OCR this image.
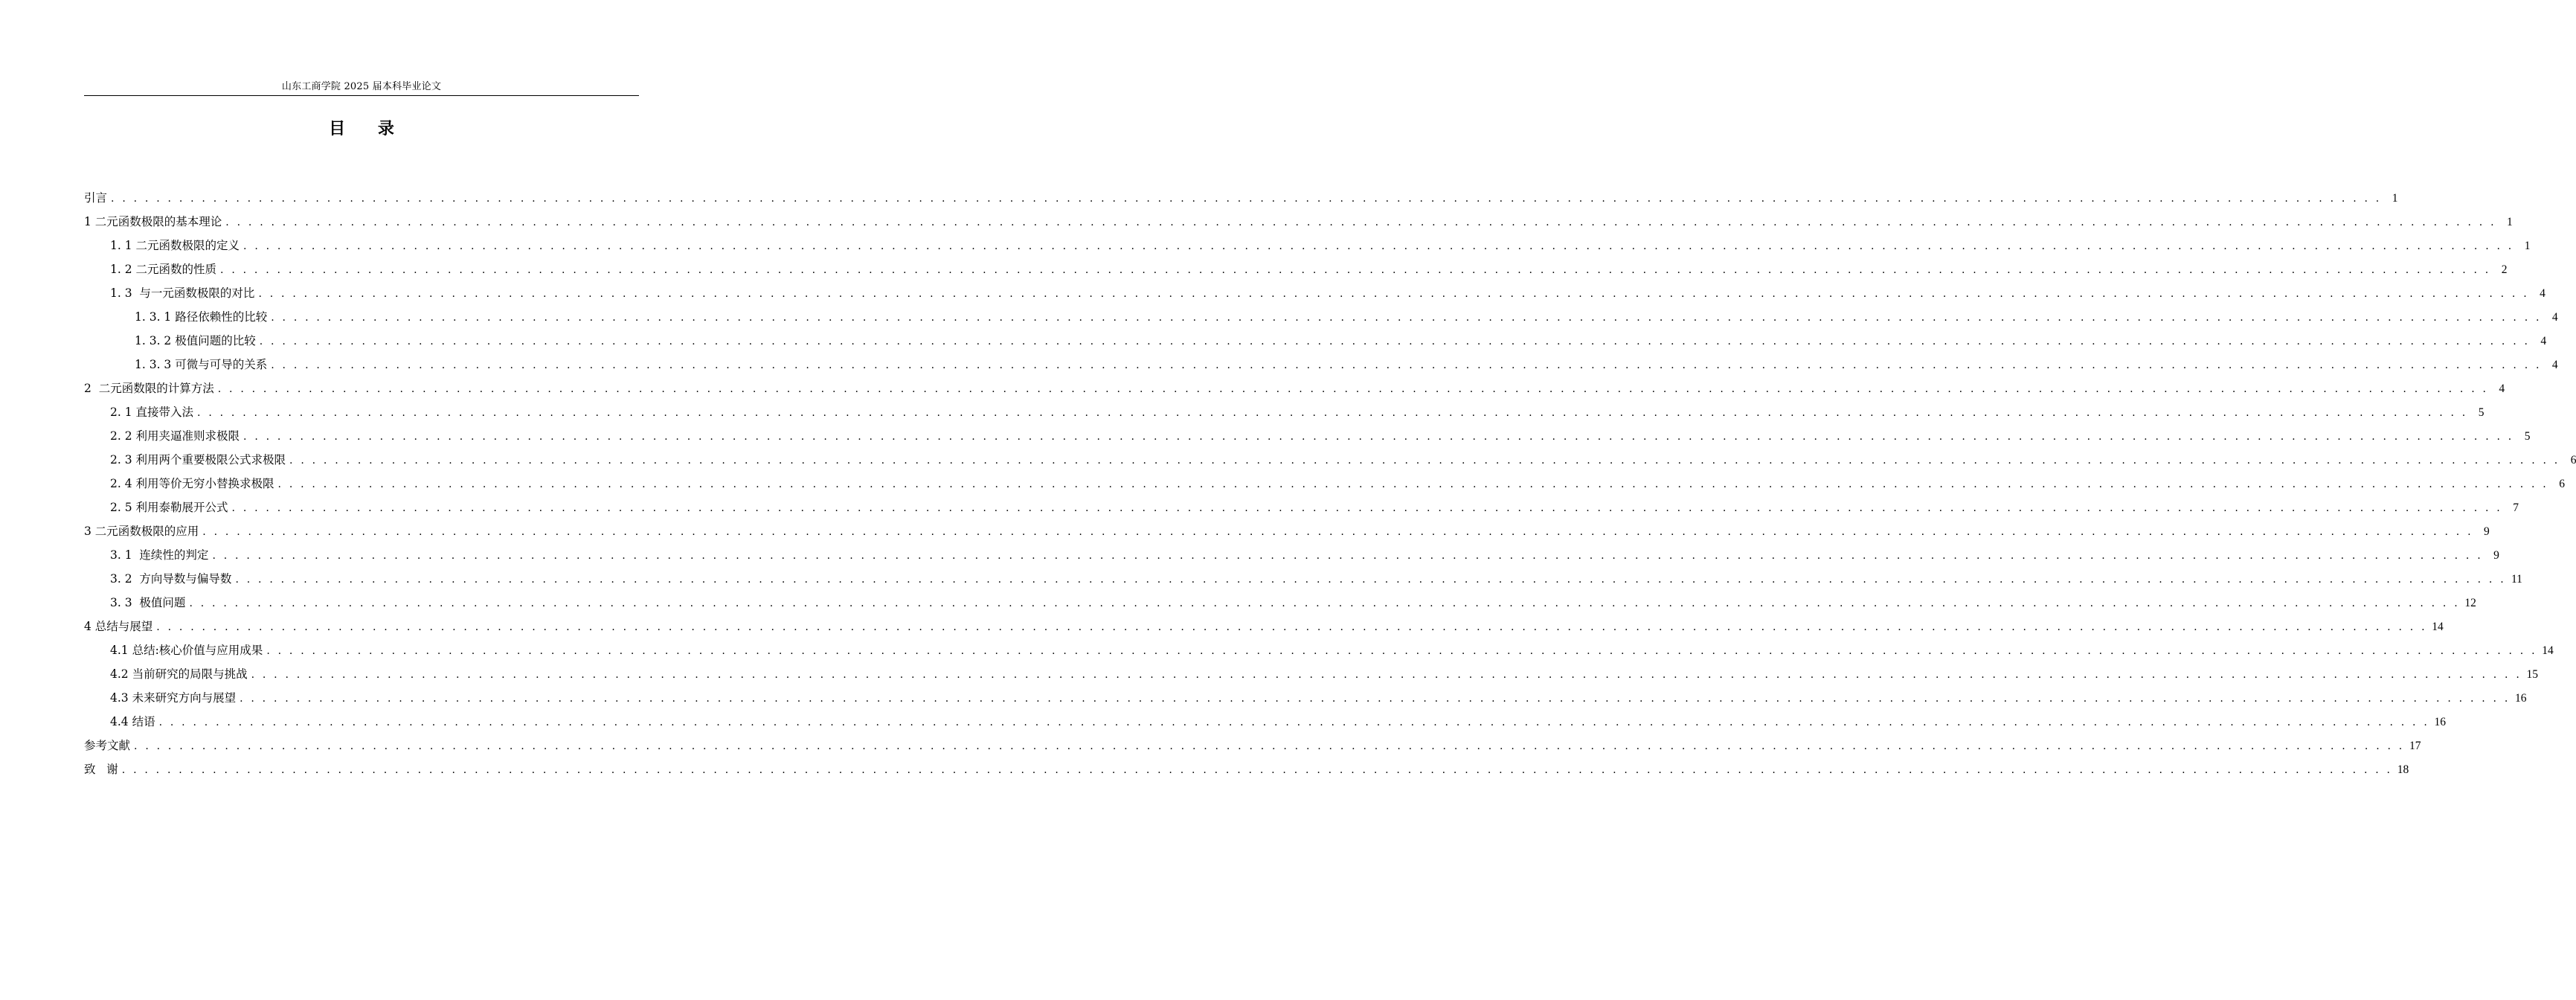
山东工商学院 2025 届本科毕业论文
目 录
引言 . . . . . . . . . . . . . . . . . . . . . . . . . . . . . . . . . . . . . . . . . . . . . . . . . . . . . . . . . . . . . . . . . . . . . . . . . . . . . . . . . . . . . . . . . . . . . . . . . . . . . . . . . . . . . . . . . . . . . . . . . . . . . . . . . . . . . . . . . . . . . . . . . . . . . . . . . . . . . . . . . . . . . . . . . . . . . . . . . . . . . . . . . . . . . . . . . . . . . . . . 1
1 二元函数极限的基本理论 . . . . . . . . . . . . . . . . . . . . . . . . . . . . . . . . . . . . . . . . . . . . . . . . . . . . . . . . . . . . . . . . . . . . . . . . . . . . . . . . . . . . . . . . . . . . . . . . . . . . . . . . . . . . . . . . . . . . . . . . . . . . . . . . . . . . . . . . . . . . . . . . . . . . . . . . . . . . . . . . . . . . . . . . . . . . . . . . . . . . . . . . . . . . . . . . . . . . . . . . 1
1. 1 二元函数极限的定义 . . . . . . . . . . . . . . . . . . . . . . . . . . . . . . . . . . . . . . . . . . . . . . . . . . . . . . . . . . . . . . . . . . . . . . . . . . . . . . . . . . . . . . . . . . . . . . . . . . . . . . . . . . . . . . . . . . . . . . . . . . . . . . . . . . . . . . . . . . . . . . . . . . . . . . . . . . . . . . . . . . . . . . . . . . . . . . . . . . . . . . . . . . . . . . . . . . . . . . . . 1
1. 2 二元函数的性质 . . . . . . . . . . . . . . . . . . . . . . . . . . . . . . . . . . . . . . . . . . . . . . . . . . . . . . . . . . . . . . . . . . . . . . . . . . . . . . . . . . . . . . . . . . . . . . . . . . . . . . . . . . . . . . . . . . . . . . . . . . . . . . . . . . . . . . . . . . . . . . . . . . . . . . . . . . . . . . . . . . . . . . . . . . . . . . . . . . . . . . . . . . . . . . . . . . . . . . . . 2
1. 3  与一元函数极限的对比 . . . . . . . . . . . . . . . . . . . . . . . . . . . . . . . . . . . . . . . . . . . . . . . . . . . . . . . . . . . . . . . . . . . . . . . . . . . . . . . . . . . . . . . . . . . . . . . . . . . . . . . . . . . . . . . . . . . . . . . . . . . . . . . . . . . . . . . . . . . . . . . . . . . . . . . . . . . . . . . . . . . . . . . . . . . . . . . . . . . . . . . . . . . . . . . . . . . . . . . . 4
1. 3. 1 路径依赖性的比较 . . . . . . . . . . . . . . . . . . . . . . . . . . . . . . . . . . . . . . . . . . . . . . . . . . . . . . . . . . . . . . . . . . . . . . . . . . . . . . . . . . . . . . . . . . . . . . . . . . . . . . . . . . . . . . . . . . . . . . . . . . . . . . . . . . . . . . . . . . . . . . . . . . . . . . . . . . . . . . . . . . . . . . . . . . . . . . . . . . . . . . . . . . . . . . . . . . . . . . . . 4
1. 3. 2 极值问题的比较 . . . . . . . . . . . . . . . . . . . . . . . . . . . . . . . . . . . . . . . . . . . . . . . . . . . . . . . . . . . . . . . . . . . . . . . . . . . . . . . . . . . . . . . . . . . . . . . . . . . . . . . . . . . . . . . . . . . . . . . . . . . . . . . . . . . . . . . . . . . . . . . . . . . . . . . . . . . . . . . . . . . . . . . . . . . . . . . . . . . . . . . . . . . . . . . . . . . . . . . . 4
1. 3. 3 可微与可导的关系 . . . . . . . . . . . . . . . . . . . . . . . . . . . . . . . . . . . . . . . . . . . . . . . . . . . . . . . . . . . . . . . . . . . . . . . . . . . . . . . . . . . . . . . . . . . . . . . . . . . . . . . . . . . . . . . . . . . . . . . . . . . . . . . . . . . . . . . . . . . . . . . . . . . . . . . . . . . . . . . . . . . . . . . . . . . . . . . . . . . . . . . . . . . . . . . . . . . . . . . . 4
2  二元函数限的计算方法 . . . . . . . . . . . . . . . . . . . . . . . . . . . . . . . . . . . . . . . . . . . . . . . . . . . . . . . . . . . . . . . . . . . . . . . . . . . . . . . . . . . . . . . . . . . . . . . . . . . . . . . . . . . . . . . . . . . . . . . . . . . . . . . . . . . . . . . . . . . . . . . . . . . . . . . . . . . . . . . . . . . . . . . . . . . . . . . . . . . . . . . . . . . . . . . . . . . . . . . . 4
2. 1 直接带入法 . . . . . . . . . . . . . . . . . . . . . . . . . . . . . . . . . . . . . . . . . . . . . . . . . . . . . . . . . . . . . . . . . . . . . . . . . . . . . . . . . . . . . . . . . . . . . . . . . . . . . . . . . . . . . . . . . . . . . . . . . . . . . . . . . . . . . . . . . . . . . . . . . . . . . . . . . . . . . . . . . . . . . . . . . . . . . . . . . . . . . . . . . . . . . . . . . . . . . . . . 5
2. 2 利用夹逼准则求极限 . . . . . . . . . . . . . . . . . . . . . . . . . . . . . . . . . . . . . . . . . . . . . . . . . . . . . . . . . . . . . . . . . . . . . . . . . . . . . . . . . . . . . . . . . . . . . . . . . . . . . . . . . . . . . . . . . . . . . . . . . . . . . . . . . . . . . . . . . . . . . . . . . . . . . . . . . . . . . . . . . . . . . . . . . . . . . . . . . . . . . . . . . . . . . . . . . . . . . . . . 5
2. 3 利用两个重要极限公式求极限 . . . . . . . . . . . . . . . . . . . . . . . . . . . . . . . . . . . . . . . . . . . . . . . . . . . . . . . . . . . . . . . . . . . . . . . . . . . . . . . . . . . . . . . . . . . . . . . . . . . . . . . . . . . . . . . . . . . . . . . . . . . . . . . . . . . . . . . . . . . . . . . . . . . . . . . . . . . . . . . . . . . . . . . . . . . . . . . . . . . . . . . . . . . . . . . . . . . . . . . . 6
2. 4 利用等价无穷小替换求极限 . . . . . . . . . . . . . . . . . . . . . . . . . . . . . . . . . . . . . . . . . . . . . . . . . . . . . . . . . . . . . . . . . . . . . . . . . . . . . . . . . . . . . . . . . . . . . . . . . . . . . . . . . . . . . . . . . . . . . . . . . . . . . . . . . . . . . . . . . . . . . . . . . . . . . . . . . . . . . . . . . . . . . . . . . . . . . . . . . . . . . . . . . . . . . . . . . . . . . . . . 6
2. 5 利用泰勒展开公式 . . . . . . . . . . . . . . . . . . . . . . . . . . . . . . . . . . . . . . . . . . . . . . . . . . . . . . . . . . . . . . . . . . . . . . . . . . . . . . . . . . . . . . . . . . . . . . . . . . . . . . . . . . . . . . . . . . . . . . . . . . . . . . . . . . . . . . . . . . . . . . . . . . . . . . . . . . . . . . . . . . . . . . . . . . . . . . . . . . . . . . . . . . . . . . . . . . . . . . . . 7
3 二元函数极限的应用 . . . . . . . . . . . . . . . . . . . . . . . . . . . . . . . . . . . . . . . . . . . . . . . . . . . . . . . . . . . . . . . . . . . . . . . . . . . . . . . . . . . . . . . . . . . . . . . . . . . . . . . . . . . . . . . . . . . . . . . . . . . . . . . . . . . . . . . . . . . . . . . . . . . . . . . . . . . . . . . . . . . . . . . . . . . . . . . . . . . . . . . . . . . . . . . . . . . . . . . . 9
3. 1  连续性的判定 . . . . . . . . . . . . . . . . . . . . . . . . . . . . . . . . . . . . . . . . . . . . . . . . . . . . . . . . . . . . . . . . . . . . . . . . . . . . . . . . . . . . . . . . . . . . . . . . . . . . . . . . . . . . . . . . . . . . . . . . . . . . . . . . . . . . . . . . . . . . . . . . . . . . . . . . . . . . . . . . . . . . . . . . . . . . . . . . . . . . . . . . . . . . . . . . . . . . . . . . 9
3. 2  方向导数与偏导数 . . . . . . . . . . . . . . . . . . . . . . . . . . . . . . . . . . . . . . . . . . . . . . . . . . . . . . . . . . . . . . . . . . . . . . . . . . . . . . . . . . . . . . . . . . . . . . . . . . . . . . . . . . . . . . . . . . . . . . . . . . . . . . . . . . . . . . . . . . . . . . . . . . . . . . . . . . . . . . . . . . . . . . . . . . . . . . . . . . . . . . . . . . . . . . . . . . . . . . . . 11
3. 3  极值问题 . . . . . . . . . . . . . . . . . . . . . . . . . . . . . . . . . . . . . . . . . . . . . . . . . . . . . . . . . . . . . . . . . . . . . . . . . . . . . . . . . . . . . . . . . . . . . . . . . . . . . . . . . . . . . . . . . . . . . . . . . . . . . . . . . . . . . . . . . . . . . . . . . . . . . . . . . . . . . . . . . . . . . . . . . . . . . . . . . . . . . . . . . . . . . . . . . . . . . . . . 12
4 总结与展望 . . . . . . . . . . . . . . . . . . . . . . . . . . . . . . . . . . . . . . . . . . . . . . . . . . . . . . . . . . . . . . . . . . . . . . . . . . . . . . . . . . . . . . . . . . . . . . . . . . . . . . . . . . . . . . . . . . . . . . . . . . . . . . . . . . . . . . . . . . . . . . . . . . . . . . . . . . . . . . . . . . . . . . . . . . . . . . . . . . . . . . . . . . . . . . . . . . . . . . . . 14
4.1 总结:核心价值与应用成果 . . . . . . . . . . . . . . . . . . . . . . . . . . . . . . . . . . . . . . . . . . . . . . . . . . . . . . . . . . . . . . . . . . . . . . . . . . . . . . . . . . . . . . . . . . . . . . . . . . . . . . . . . . . . . . . . . . . . . . . . . . . . . . . . . . . . . . . . . . . . . . . . . . . . . . . . . . . . . . . . . . . . . . . . . . . . . . . . . . . . . . . . . . . . . . . . . . . . . . . . 14
4.2 当前研究的局限与挑战 . . . . . . . . . . . . . . . . . . . . . . . . . . . . . . . . . . . . . . . . . . . . . . . . . . . . . . . . . . . . . . . . . . . . . . . . . . . . . . . . . . . . . . . . . . . . . . . . . . . . . . . . . . . . . . . . . . . . . . . . . . . . . . . . . . . . . . . . . . . . . . . . . . . . . . . . . . . . . . . . . . . . . . . . . . . . . . . . . . . . . . . . . . . . . . . . . . . . . . . . 15
4.3 未来研究方向与展望 . . . . . . . . . . . . . . . . . . . . . . . . . . . . . . . . . . . . . . . . . . . . . . . . . . . . . . . . . . . . . . . . . . . . . . . . . . . . . . . . . . . . . . . . . . . . . . . . . . . . . . . . . . . . . . . . . . . . . . . . . . . . . . . . . . . . . . . . . . . . . . . . . . . . . . . . . . . . . . . . . . . . . . . . . . . . . . . . . . . . . . . . . . . . . . . . . . . . . . . . 16
4.4 结语 . . . . . . . . . . . . . . . . . . . . . . . . . . . . . . . . . . . . . . . . . . . . . . . . . . . . . . . . . . . . . . . . . . . . . . . . . . . . . . . . . . . . . . . . . . . . . . . . . . . . . . . . . . . . . . . . . . . . . . . . . . . . . . . . . . . . . . . . . . . . . . . . . . . . . . . . . . . . . . . . . . . . . . . . . . . . . . . . . . . . . . . . . . . . . . . . . . . . . . . . 16
参考文献 . . . . . . . . . . . . . . . . . . . . . . . . . . . . . . . . . . . . . . . . . . . . . . . . . . . . . . . . . . . . . . . . . . . . . . . . . . . . . . . . . . . . . . . . . . . . . . . . . . . . . . . . . . . . . . . . . . . . . . . . . . . . . . . . . . . . . . . . . . . . . . . . . . . . . . . . . . . . . . . . . . . . . . . . . . . . . . . . . . . . . . . . . . . . . . . . . . . . . . . . 17
致   谢 . . . . . . . . . . . . . . . . . . . . . . . . . . . . . . . . . . . . . . . . . . . . . . . . . . . . . . . . . . . . . . . . . . . . . . . . . . . . . . . . . . . . . . . . . . . . . . . . . . . . . . . . . . . . . . . . . . . . . . . . . . . . . . . . . . . . . . . . . . . . . . . . . . . . . . . . . . . . . . . . . . . . . . . . . . . . . . . . . . . . . . . . . . . . . . . . . . . . . . . . 18
